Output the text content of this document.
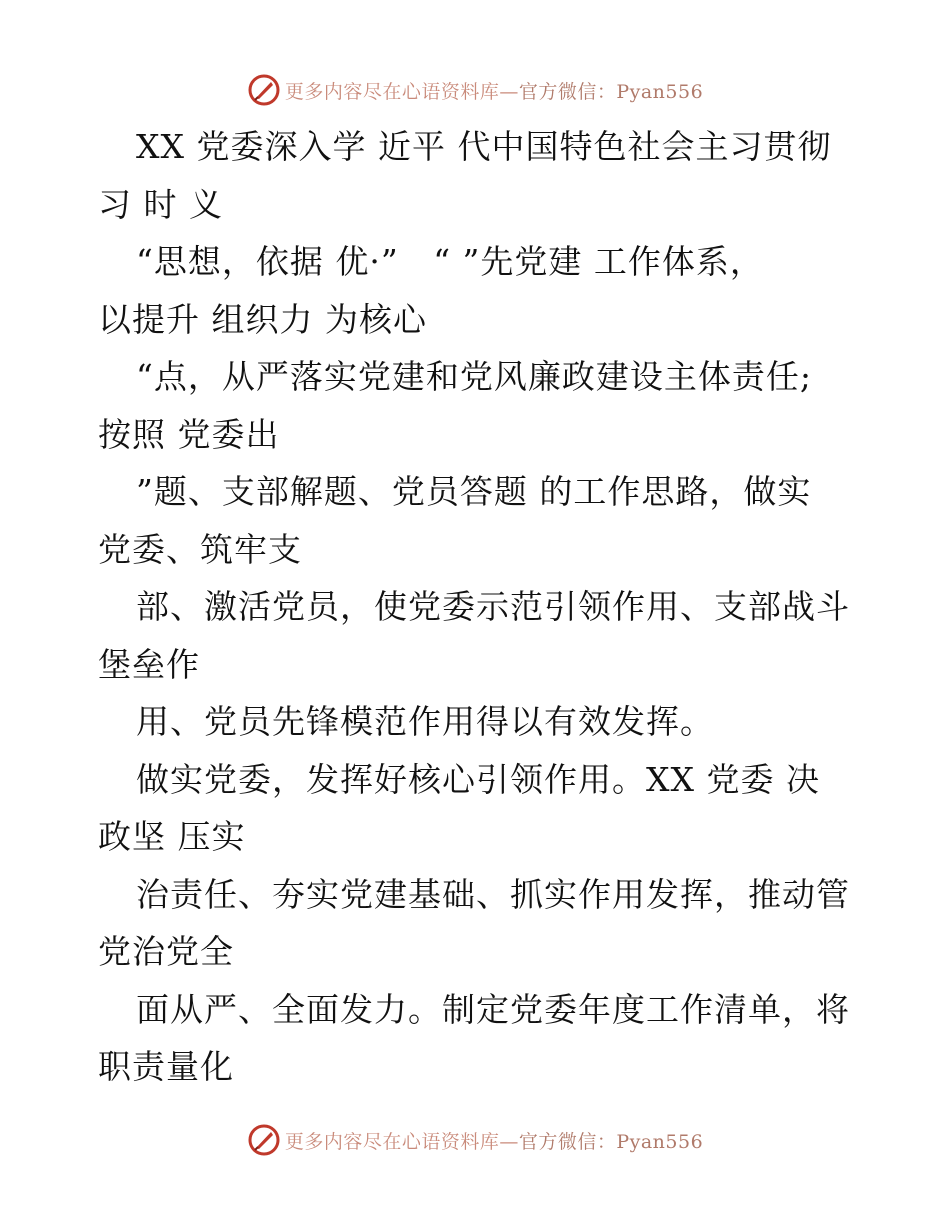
更多内容尽在心语资料库—官方微信：Pyan556
XX 党委深入学 近平 代中国特色社会主习贯彻
习 时 义
“思想，依据 优·”   “ ”先党建 工作体系，
以提升 组织力 为核心
“点，从严落实党建和党风廉政建设主体责任;
按照 党委出
”题、支部解题、党员答题 的工作思路，做实
党委、筑牢支
部、激活党员，使党委示范引领作用、支部战斗
堡垒作
用、党员先锋模范作用得以有效发挥。
做实党委，发挥好核心引领作用。XX 党委 决
政坚 压实
治责任、夯实党建基础、抓实作用发挥，推动管
党治党全
面从严、全面发力。制定党委年度工作清单，将
职责量化
更多内容尽在心语资料库—官方微信：Pyan556
